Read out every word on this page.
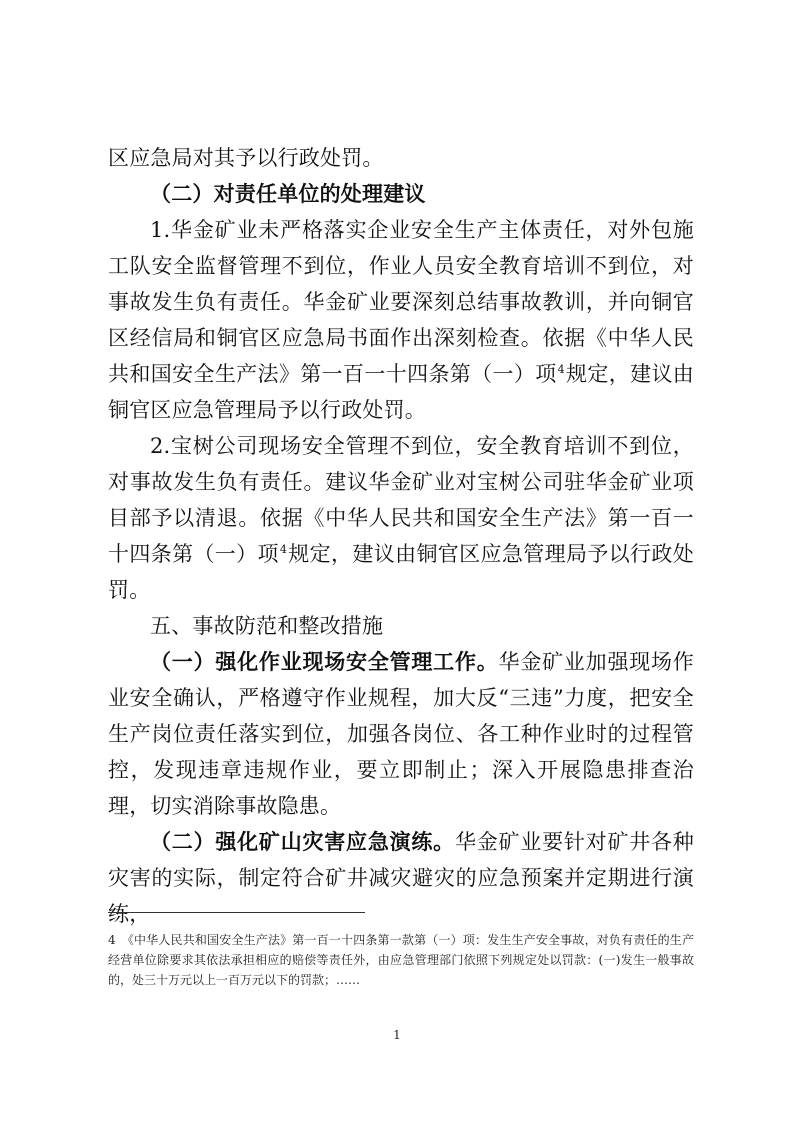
区应急局对其予以行政处罚。

（二）对责任单位的处理建议

1.华金矿业未严格落实企业安全生产主体责任，对外包施工队安全监督管理不到位，作业人员安全教育培训不到位，对事故发生负有责任。华金矿业要深刻总结事故教训，并向铜官区经信局和铜官区应急局书面作出深刻检查。依据《中华人民共和国安全生产法》第一百一十四条第（一）项$^4$规定，建议由铜官区应急管理局予以行政处罚。

2.宝树公司现场安全管理不到位，安全教育培训不到位，对事故发生负有责任。建议华金矿业对宝树公司驻华金矿业项目部予以清退。依据《中华人民共和国安全生产法》第一百一十四条第（一）项$^4$规定，建议由铜官区应急管理局予以行政处罚。

五、事故防范和整改措施

（一）强化作业现场安全管理工作。华金矿业加强现场作业安全确认，严格遵守作业规程，加大反“三违”力度，把安全生产岗位责任落实到位，加强各岗位、各工种作业时的过程管控，发现违章违规作业，要立即制止；深入开展隐患排查治理，切实消除事故隐患。

（二）强化矿山灾害应急演练。华金矿业要针对矿井各种灾害的实际，制定符合矿井减灾避灾的应急预案并定期进行演练，

4 《中华人民共和国安全生产法》第一百一十四条第一款第（一）项：发生生产安全事故，对负有责任的生产经营单位除要求其依法承担相应的赔偿等责任外，由应急管理部门依照下列规定处以罚款：(一)发生一般事故的，处三十万元以上一百万元以下的罚款；……
1
